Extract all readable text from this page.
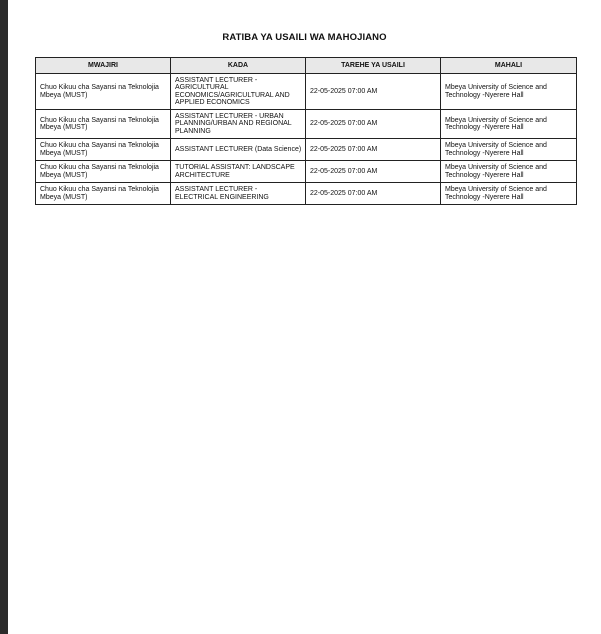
RATIBA YA USAILI WA MAHOJIANO
MWAJIRI	KADA	TAREHE YA USAILI	MAHALI
Chuo Kikuu cha Sayansi na Teknolojia Mbeya (MUST)	ASSISTANT LECTURER -AGRICULTURAL ECONOMICS/AGRICULTURAL AND APPLIED ECONOMICS	22-05-2025 07:00 AM	Mbeya University of Science and Technology -Nyerere Hall
Chuo Kikuu cha Sayansi na Teknolojia Mbeya (MUST)	ASSISTANT LECTURER - URBAN PLANNING/URBAN AND REGIONAL PLANNING	22-05-2025 07:00 AM	Mbeya University of Science and Technology -Nyerere Hall
Chuo Kikuu cha Sayansi na Teknolojia Mbeya (MUST)	ASSISTANT LECTURER (Data Science)	22-05-2025 07:00 AM	Mbeya University of Science and Technology -Nyerere Hall
Chuo Kikuu cha Sayansi na Teknolojia Mbeya (MUST)	TUTORIAL ASSISTANT: LANDSCAPE ARCHITECTURE	22-05-2025 07:00 AM	Mbeya University of Science and Technology -Nyerere Hall
Chuo Kikuu cha Sayansi na Teknolojia Mbeya (MUST)	ASSISTANT LECTURER - ELECTRICAL ENGINEERING	22-05-2025 07:00 AM	Mbeya University of Science and Technology -Nyerere Hall
